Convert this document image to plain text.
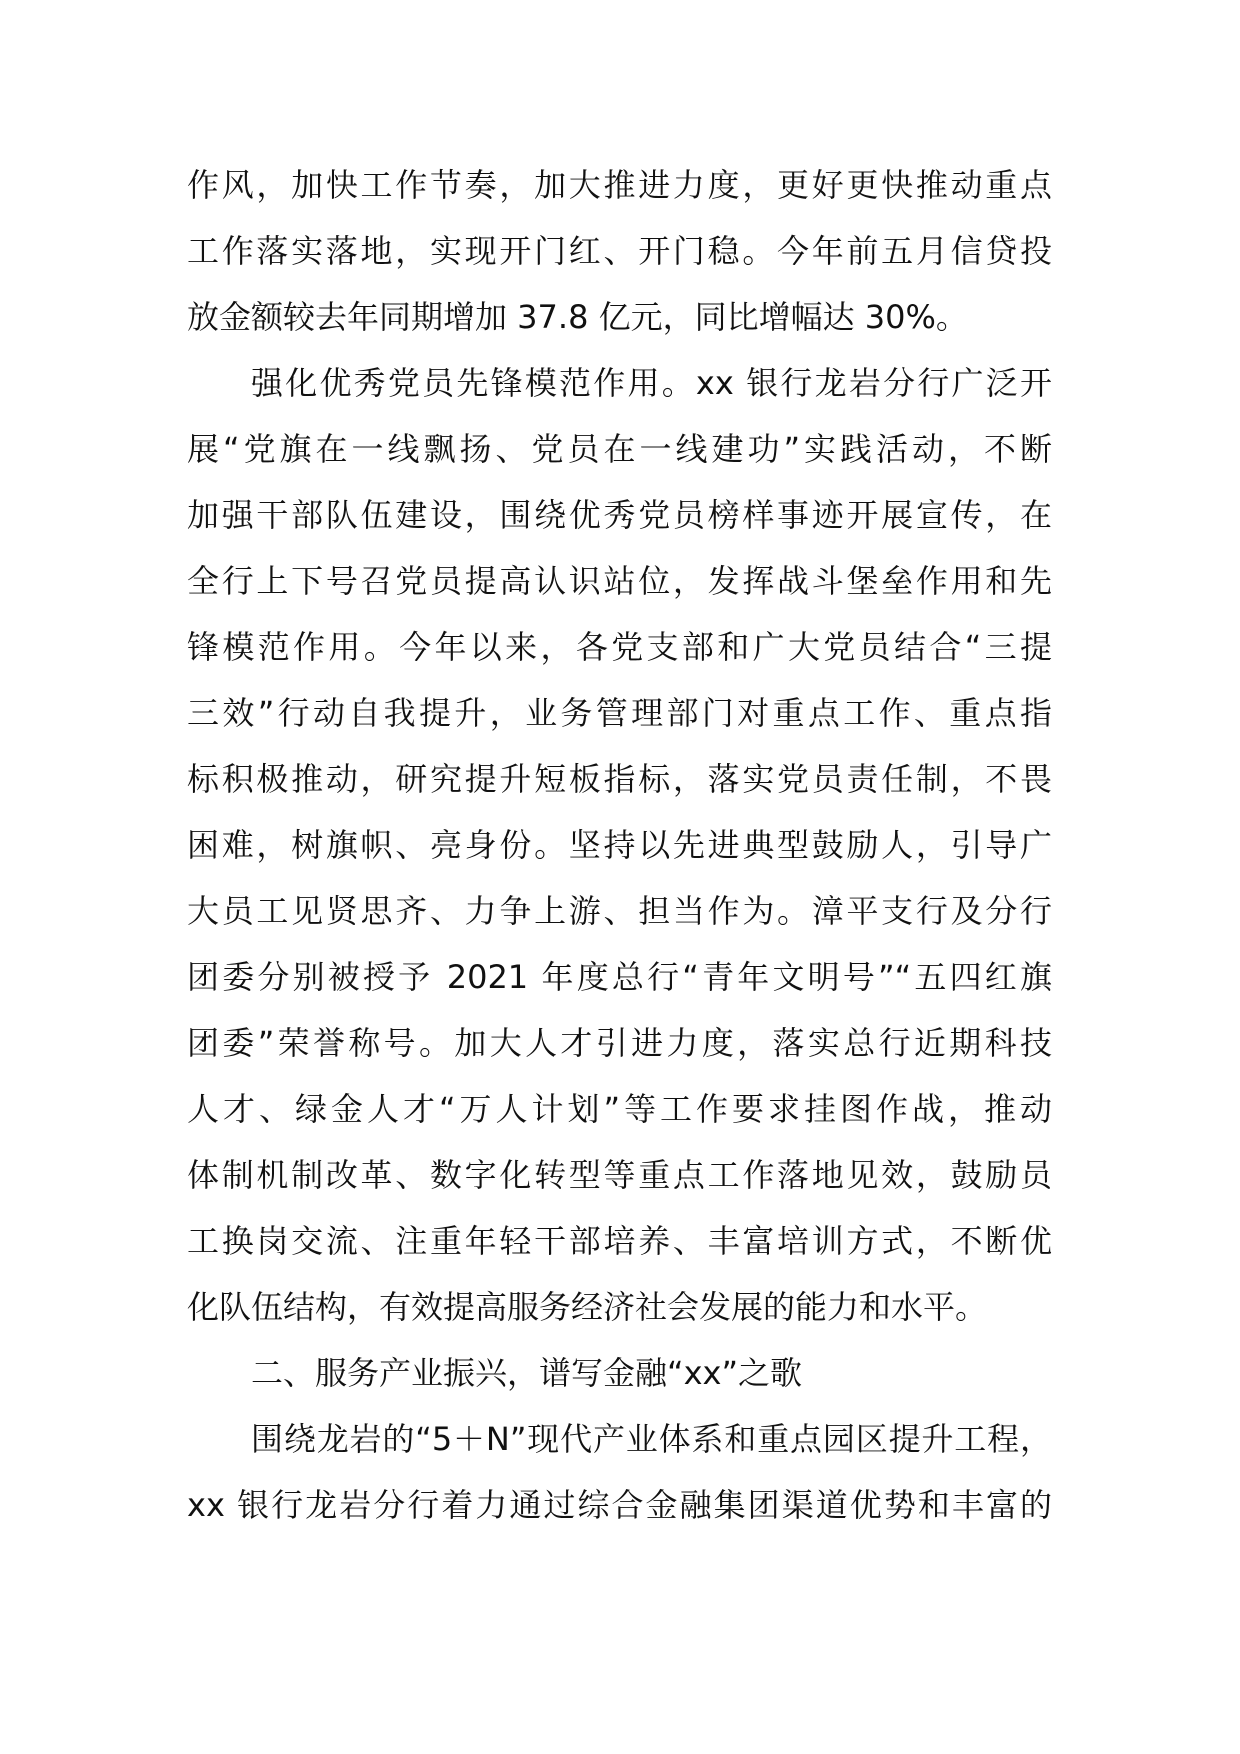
作风，加快工作节奏，加大推进力度，更好更快推动重点
工作落实落地，实现开门红、开门稳。今年前五月信贷投
放金额较去年同期增加 37.8 亿元，同比增幅达 30%。
强化优秀党员先锋模范作用。xx 银行龙岩分行广泛开
展“党旗在一线飘扬、党员在一线建功”实践活动，不断
加强干部队伍建设，围绕优秀党员榜样事迹开展宣传，在
全行上下号召党员提高认识站位，发挥战斗堡垒作用和先
锋模范作用。今年以来，各党支部和广大党员结合“三提
三效”行动自我提升，业务管理部门对重点工作、重点指
标积极推动，研究提升短板指标，落实党员责任制，不畏
困难，树旗帜、亮身份。坚持以先进典型鼓励人，引导广
大员工见贤思齐、力争上游、担当作为。漳平支行及分行
团委分别被授予 2021 年度总行“青年文明号”“五四红旗
团委”荣誉称号。加大人才引进力度，落实总行近期科技
人才、绿金人才“万人计划”等工作要求挂图作战，推动
体制机制改革、数字化转型等重点工作落地见效，鼓励员
工换岗交流、注重年轻干部培养、丰富培训方式，不断优
化队伍结构，有效提高服务经济社会发展的能力和水平。
二、服务产业振兴，谱写金融“xx”之歌
围绕龙岩的“5＋N”现代产业体系和重点园区提升工程，
xx 银行龙岩分行着力通过综合金融集团渠道优势和丰富的
